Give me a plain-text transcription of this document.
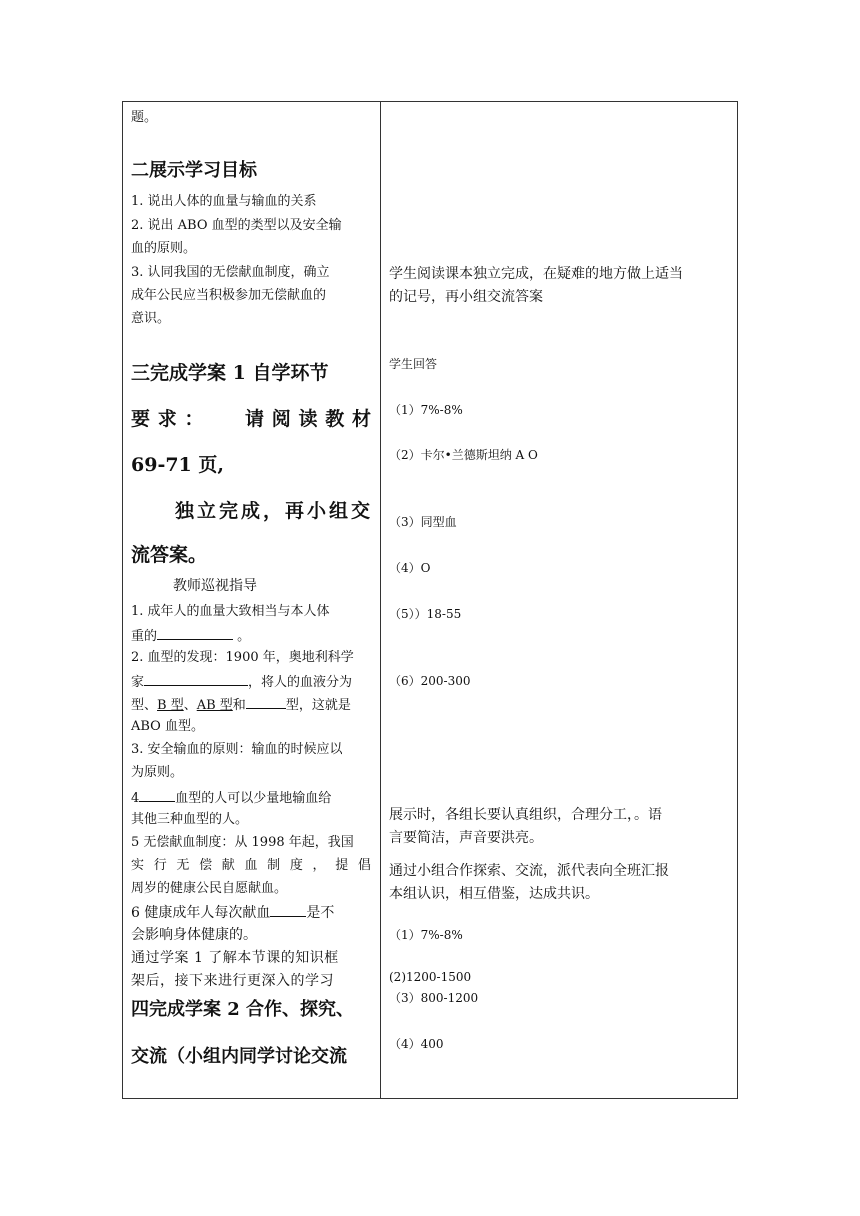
题。
二展示学习目标
1. 说出人体的血量与输血的关系
2. 说出 ABO 血型的类型以及安全输
血的原则。
3. 认同我国的无偿献血制度，确立
成年公民应当积极参加无偿献血的
意识。
三完成学案 1 自学环节
要 求 ： 请 阅 读 教 材
69-71 页,
独立完成，再小组交
流答案。
教师巡视指导
1. 成年人的血量大致相当与本人体
重的	。
2. 血型的发现：1900 年，奥地利科学
家	，将人的血液分为
型、B 型、AB 型和	型，这就是
ABO 血型。
3. 安全输血的原则：输血的时候应以
为原则。
4	血型的人可以少量地输血给
其他三种血型的人。
5 无偿献血制度：从 1998 年起，我国
实 行 无 偿 献 血 制 度 ， 提 倡
周岁的健康公民自愿献血。
6 健康成年人每次献血	是不
会影响身体健康的。
通过学案 1 了解本节课的知识框
架后，接下来进行更深入的学习
四完成学案 2 合作、探究、
交流（小组内同学讨论交流
学生阅读课本独立完成，在疑难的地方做上适当
的记号，再小组交流答案
学生回答
（1）7%-8%
（2）卡尔•兰德斯坦纳 A O
（3）同型血
（4）O
（5））18-55
（6）200-300
展示时，各组长要认真组织，合理分工，。语
言要简洁，声音要洪亮。
通过小组合作探索、交流，派代表向全班汇报
本组认识，相互借鉴，达成共识。
（1）7%-8%
(2)1200-1500
（3）800-1200
（4）400
